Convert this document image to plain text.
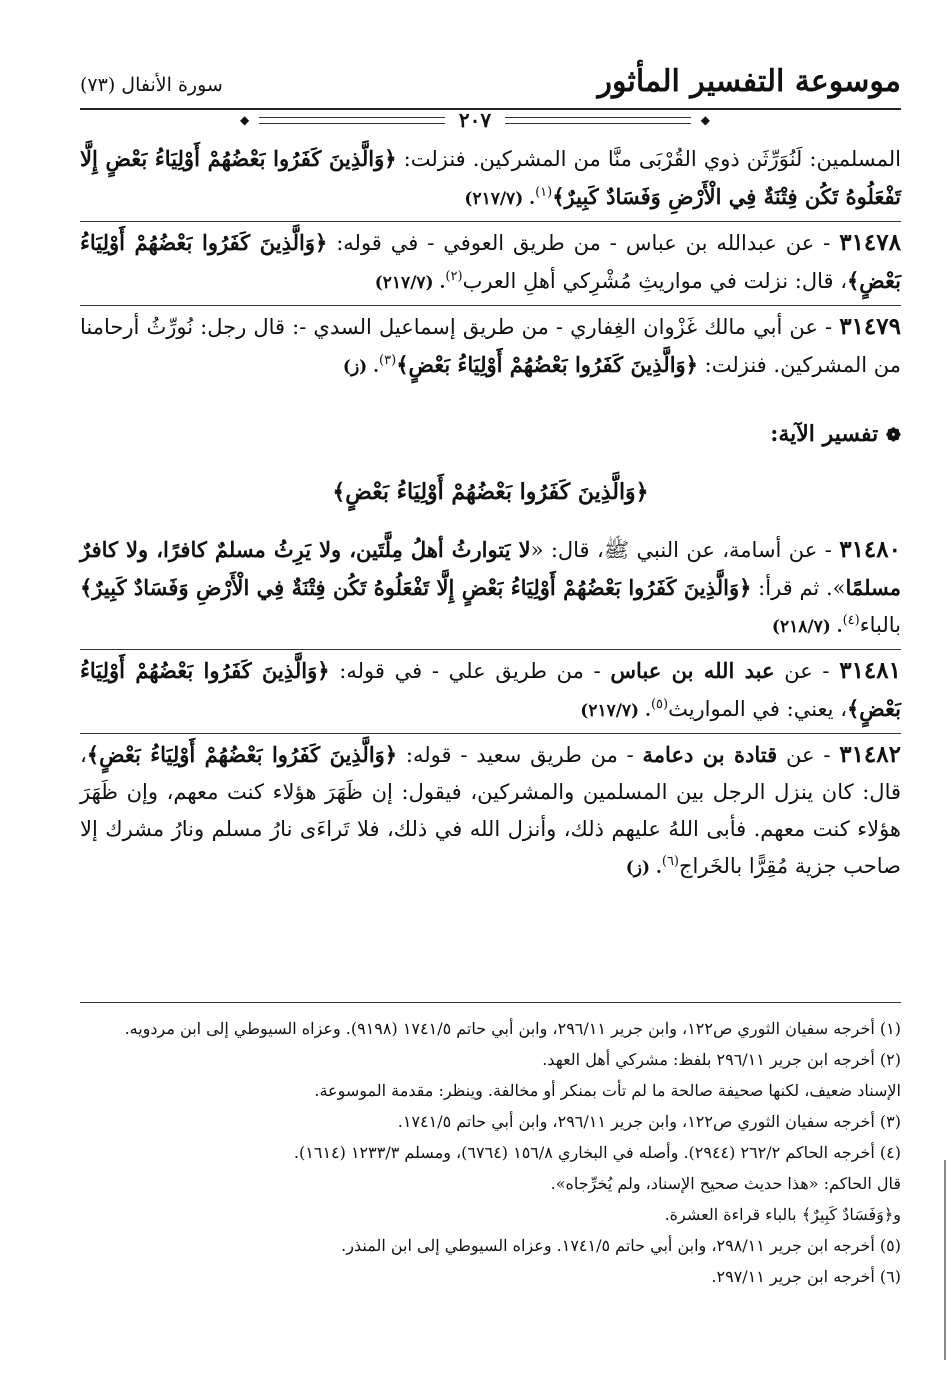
موسوعة التفسير المأثور
سورة الأنفال (٧٣)
◆	٢٠٧	◆

المسلمين: لَنُوَرِّثَن ذوي القُرْبَى منَّا من المشركين. فنزلت: ﴿وَالَّذِينَ كَفَرُوا بَعْضُهُمْ أَوْلِيَاءُ بَعْضٍ إِلَّا تَفْعَلُوهُ تَكُن فِتْنَةٌ فِي الْأَرْضِ وَفَسَادٌ كَبِيرٌ﴾$^{(١)}$. (٢١٧/٧)

٣١٤٧٨ - عن عبدالله بن عباس - من طريق العوفي - في قوله: ﴿وَالَّذِينَ كَفَرُوا بَعْضُهُمْ أَوْلِيَاءُ بَعْضٍ﴾، قال: نزلت في مواريثِ مُشْرِكي أهلِ العرب$^{(٢)}$. (٢١٧/٧)

٣١٤٧٩ - عن أبي مالك غَزْوان الغِفاري - من طريق إسماعيل السدي -: قال رجل: نُورِّثُ أرحامنا من المشركين. فنزلت: ﴿وَالَّذِينَ كَفَرُوا بَعْضُهُمْ أَوْلِيَاءُ بَعْضٍ﴾$^{(٣)}$. (ز)

❁ تفسير الآية:
﴿وَالَّذِينَ كَفَرُوا بَعْضُهُمْ أَوْلِيَاءُ بَعْضٍ﴾

٣١٤٨٠ - عن أسامة، عن النبي ﷺ، قال: «لا يَتوارثُ أهلُ مِلَّتَين، ولا يَرِثُ مسلمٌ كافرًا، ولا كافرٌ مسلمًا». ثم قرأ: ﴿وَالَّذِينَ كَفَرُوا بَعْضُهُمْ أَوْلِيَاءُ بَعْضٍ إِلَّا تَفْعَلُوهُ تَكُن فِتْنَةٌ فِي الْأَرْضِ وَفَسَادٌ كَبِيرٌ﴾ بالباء$^{(٤)}$. (٢١٨/٧)

٣١٤٨١ - عن عبد الله بن عباس - من طريق علي - في قوله: ﴿وَالَّذِينَ كَفَرُوا بَعْضُهُمْ أَوْلِيَاءُ بَعْضٍ﴾، يعني: في المواريث$^{(٥)}$. (٢١٧/٧)

٣١٤٨٢ - عن قتادة بن دعامة - من طريق سعيد - قوله: ﴿وَالَّذِينَ كَفَرُوا بَعْضُهُمْ أَوْلِيَاءُ بَعْضٍ﴾، قال: كان ينزل الرجل بين المسلمين والمشركين، فيقول: إن ظَهَرَ هؤلاء كنت معهم، وإن ظَهَرَ هؤلاء كنت معهم. فأبى اللهُ عليهم ذلك، وأنزل الله في ذلك، فلا تَراءَى نارُ مسلم ونارُ مشرك إلا صاحب جزية مُقِرًّا بالخَراج$^{(٦)}$. (ز)

(١) أخرجه سفيان الثوري ص١٢٢، وابن جرير ٢٩٦/١١، وابن أبي حاتم ١٧٤١/٥ (٩١٩٨). وعزاه السيوطي إلى ابن مردويه.

(٢) أخرجه ابن جرير ٢٩٦/١١ بلفظ: مشركي أهل العهد.

الإسناد ضعيف، لكنها صحيفة صالحة ما لم تأت بمنكر أو مخالفة. وينظر: مقدمة الموسوعة.

(٣) أخرجه سفيان الثوري ص١٢٢، وابن جرير ٢٩٦/١١، وابن أبي حاتم ١٧٤١/٥.

(٤) أخرجه الحاكم ٢٦٢/٢ (٢٩٤٤). وأصله في البخاري ١٥٦/٨ (٦٧٦٤)، ومسلم ١٢٣٣/٣ (١٦١٤).

قال الحاكم: «هذا حديث صحيح الإسناد، ولم يُخرِّجاه».

و﴿وَفَسَادٌ كَبِيرٌ﴾ بالباء قراءة العشرة.

(٥) أخرجه ابن جرير ٢٩٨/١١، وابن أبي حاتم ١٧٤١/٥. وعزاه السيوطي إلى ابن المنذر.

(٦) أخرجه ابن جرير ٢٩٧/١١.
